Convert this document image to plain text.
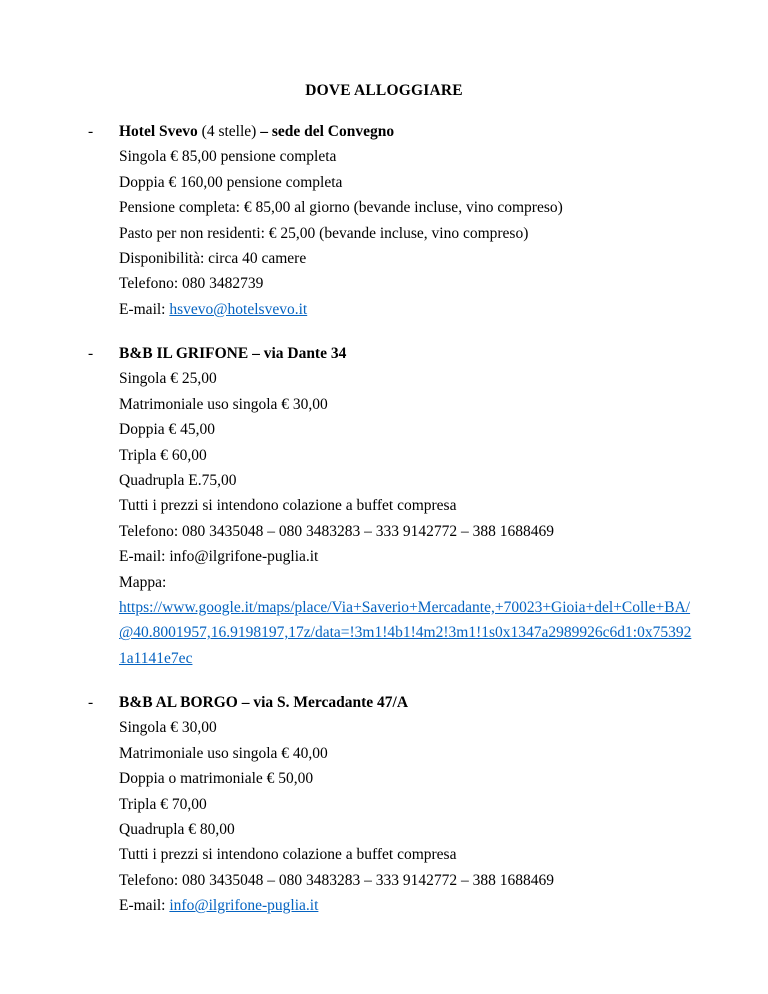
DOVE ALLOGGIARE
- Hotel Svevo (4 stelle) – sede del Convegno
Singola € 85,00 pensione completa
Doppia € 160,00 pensione completa
Pensione completa: € 85,00 al giorno (bevande incluse, vino compreso)
Pasto per non residenti: € 25,00 (bevande incluse, vino compreso)
Disponibilità: circa 40 camere
Telefono: 080 3482739
E-mail: hsvevo@hotelsvevo.it
- B&B IL GRIFONE – via Dante 34
Singola € 25,00
Matrimoniale uso singola € 30,00
Doppia € 45,00
Tripla € 60,00
Quadrupla E.75,00
Tutti i prezzi si intendono colazione a buffet compresa
Telefono: 080 3435048 – 080 3483283 – 333 9142772 – 388 1688469
E-mail: info@ilgrifone-puglia.it
Mappa:
https://www.google.it/maps/place/Via+Saverio+Mercadante,+70023+Gioia+del+Colle+BA/
@40.8001957,16.9198197,17z/data=!3m1!4b1!4m2!3m1!1s0x1347a2989926c6d1:0x75392
1a1141e7ec
- B&B AL BORGO – via S. Mercadante 47/A
Singola € 30,00
Matrimoniale uso singola € 40,00
Doppia o matrimoniale € 50,00
Tripla € 70,00
Quadrupla € 80,00
Tutti i prezzi si intendono colazione a buffet compresa
Telefono: 080 3435048 – 080 3483283 – 333 9142772 – 388 1688469
E-mail: info@ilgrifone-puglia.it
